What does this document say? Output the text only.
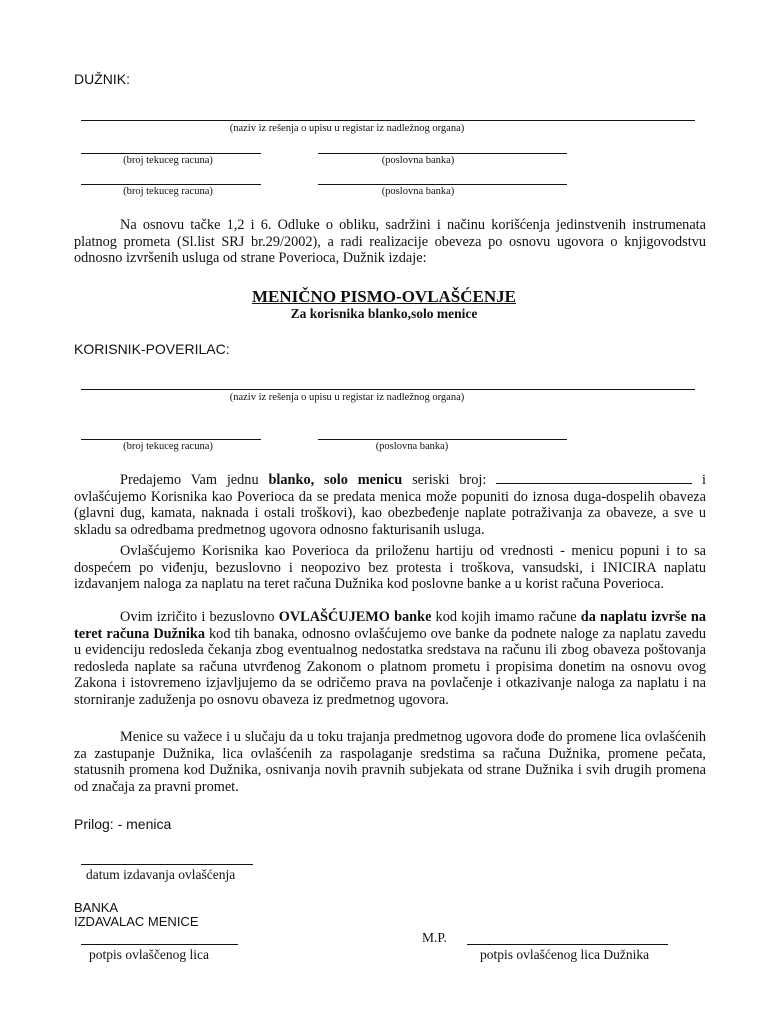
DUŽNIK:
(naziv iz rešenja o upisu u registar iz nadležnog organa)
(broj tekuceg racuna)	(poslovna banka)
(broj tekuceg racuna)	(poslovna banka)
Na osnovu tačke 1,2 i 6. Odluke o obliku, sadržini i načinu korišćenja jedinstvenih instrumenata platnog prometa (Sl.list SRJ br.29/2002), a radi realizacije obeveza po osnovu ugovora o knjigovodstvu odnosno izvršenih usluga od strane Poverioca, Dužnik izdaje:
MENIČNO PISMO-OVLAŠĆENJE
Za korisnika blanko,solo menice
KORISNIK-POVERILAC:
(naziv iz rešenja o upisu u registar iz nadležnog organa)
(broj tekuceg racuna)	(poslovna banka)
Predajemo Vam jednu blanko, solo menicu seriski broj:	i ovlašćujemo Korisnika kao Poverioca da se predata menica može popuniti do iznosa duga-dospelih obaveza (glavni dug, kamata, naknada i ostali troškovi), kao obezbeđenje naplate potraživanja za obaveze, a sve u skladu sa odredbama predmetnog ugovora odnosno fakturisanih usluga.
Ovlašćujemo Korisnika kao Poverioca da priloženu hartiju od vrednosti - menicu popuni i to sa dospećem po viđenju, bezuslovno i neopozivo bez protesta i troškova, vansudski, i INICIRA naplatu izdavanjem naloga za naplatu na teret računa Dužnika kod poslovne banke a u korist računa Poverioca.
Ovim izričito i bezuslovno OVLAŠĆUJEMO banke kod kojih imamo račune da naplatu izvrše na teret računa Dužnika kod tih banaka, odnosno ovlašćujemo ove banke da podnete naloge za naplatu zavedu u evidenciju redosleda čekanja zbog eventualnog nedostatka sredstava na računu ili zbog obaveza poštovanja redosleda naplate sa računa utvrđenog Zakonom o platnom prometu i propisima donetim na osnovu ovog Zakona i istovremeno izjavljujemo da se odričemo prava na povlačenje i otkazivanje naloga za naplatu i na storniranje zaduženja po osnovu obaveza iz predmetnog ugovora.
Menice su važece i u slučaju da u toku trajanja predmetnog ugovora dođe do promene lica ovlašćenih za zastupanje Dužnika, lica ovlašćenih za raspolaganje sredstima sa računa Dužnika, promene pečata, statusnih promena kod Dužnika, osnivanja novih pravnih subjekata od strane Dužnika i svih drugih promena od značaja za pravni promet.
Prilog: - menica
datum izdavanja ovlašćenja
BANKA
IZDAVALAC MENICE
potpis ovlaščenog lica
M.P.
potpis ovlašćenog lica Dužnika
